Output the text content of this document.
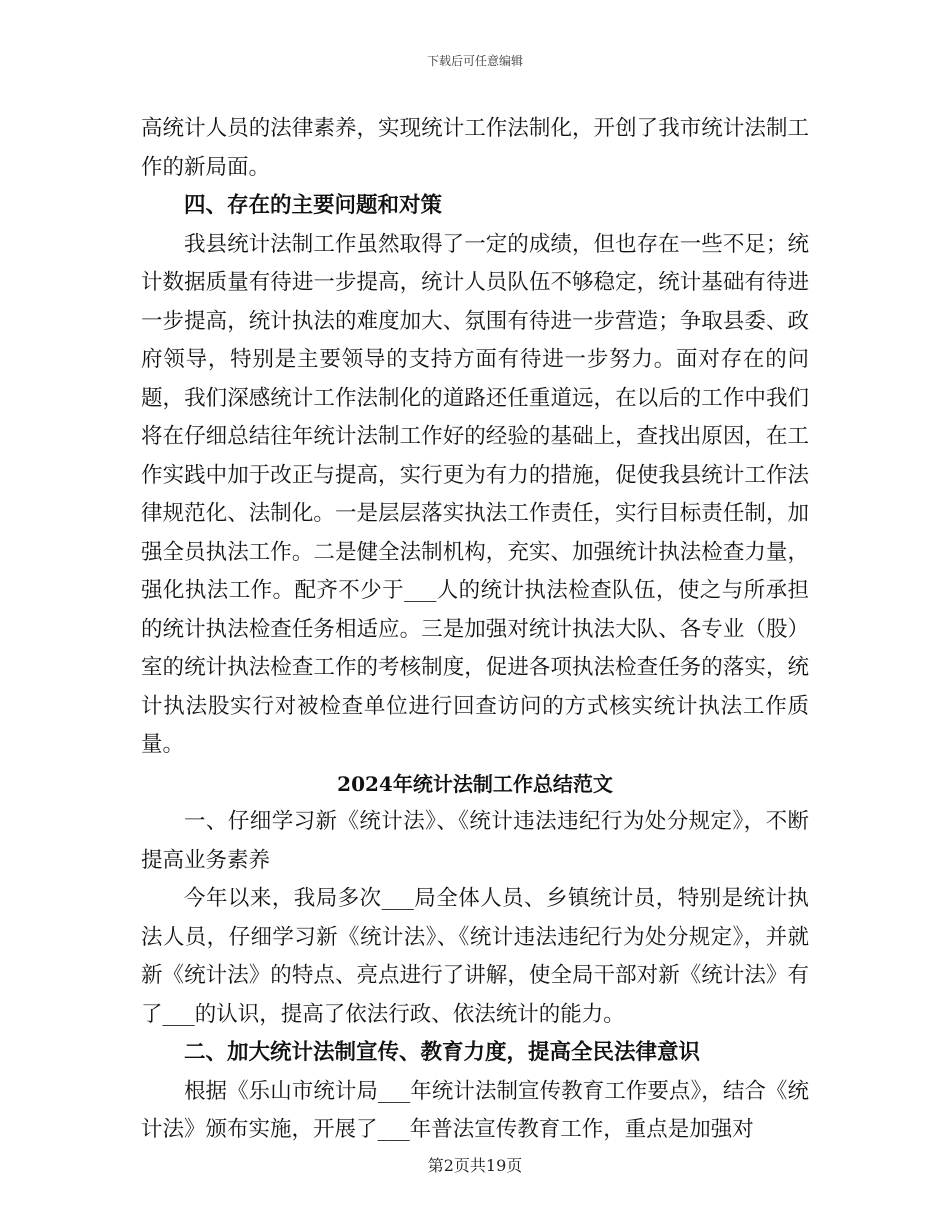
下载后可任意编辑

高统计人员的法律素养，实现统计工作法制化，开创了我市统计法制工作的新局面。

四、存在的主要问题和对策

我县统计法制工作虽然取得了一定的成绩，但也存在一些不足；统计数据质量有待进一步提高，统计人员队伍不够稳定，统计基础有待进一步提高，统计执法的难度加大、氛围有待进一步营造；争取县委、政府领导，特别是主要领导的支持方面有待进一步努力。面对存在的问题，我们深感统计工作法制化的道路还任重道远，在以后的工作中我们将在仔细总结往年统计法制工作好的经验的基础上，查找出原因，在工作实践中加于改正与提高，实行更为有力的措施，促使我县统计工作法律规范化、法制化。一是层层落实执法工作责任，实行目标责任制，加强全员执法工作。二是健全法制机构，充实、加强统计执法检查力量，强化执法工作。配齐不少于___人的统计执法检查队伍，使之与所承担的统计执法检查任务相适应。三是加强对统计执法大队、各专业（股）室的统计执法检查工作的考核制度，促进各项执法检查任务的落实，统计执法股实行对被检查单位进行回查访问的方式核实统计执法工作质量。

2024年统计法制工作总结范文

一、仔细学习新《统计法》、《统计违法违纪行为处分规定》，不断提高业务素养

今年以来，我局多次___局全体人员、乡镇统计员，特别是统计执法人员，仔细学习新《统计法》、《统计违法违纪行为处分规定》，并就新《统计法》的特点、亮点进行了讲解，使全局干部对新《统计法》有了___的认识，提高了依法行政、依法统计的能力。

二、加大统计法制宣传、教育力度，提高全民法律意识

根据《乐山市统计局___年统计法制宣传教育工作要点》，结合《统计法》颁布实施，开展了___年普法宣传教育工作，重点是加强对

第2页共19页
